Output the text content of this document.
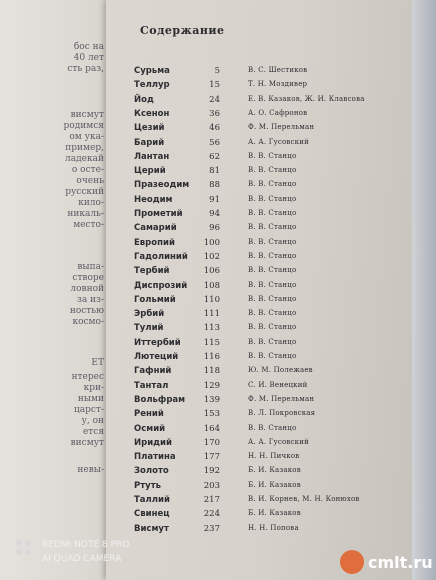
бос на
40 лет
сть раз,
висмут
родимся
ом ука-
пример,
ладекай
о осте-
очень
русский
кило-
никаль-
место-
выпа-
створе
ловной
за из-
ностью
космо-
ЕТ
нтерес
кри-
ными
царст-
у, он
ется
висмут
невы-
Содержание
Сурьма	5	В. С. Шестиков
Теллур	15	Т. Н. Моздивер
Йод	24	Е. В. Казаков, Ж. И. Клавсова
Ксенон	36	А. О. Сафронов
Цезий	46	Ф. М. Перельман
Барий	56	А. А. Гусовский
Лантан	62	В. В. Станцо
Церий	81	В. В. Станцо
Празеодим	88	В. В. Станцо
Неодим	91	В. В. Станцо
Прометий	94	В. В. Станцо
Самарий	96	В. В. Станцо
Европий	100	В. В. Станцо
Гадолиний	102	В. В. Станцо
Тербий	106	В. В. Станцо
Диспрозий	108	В. В. Станцо
Гольмий	110	В. В. Станцо
Эрбий	111	В. В. Станцо
Тулий	113	В. В. Станцо
Иттербий	115	В. В. Станцо
Лютеций	116	В. В. Станцо
Гафний	118	Ю. М. Полежаев
Тантал	129	С. И. Венецкий
Вольфрам	139	Ф. М. Перельман
Рений	153	В. Л. Покровская
Осмий	164	В. В. Станцо
Иридий	170	А. А. Гусовский
Платина	177	Н. Н. Пичков
Золото	192	Б. И. Казаков
Ртуть	203	Б. И. Казаков
Таллий	217	В. И. Корнев, М. Н. Конюхов
Свинец	224	Б. И. Казаков
Висмут	237	Н. Н. Попова
REDMI NOTE 8 PRO
AI QUAD CAMERA	cmlt.ru
